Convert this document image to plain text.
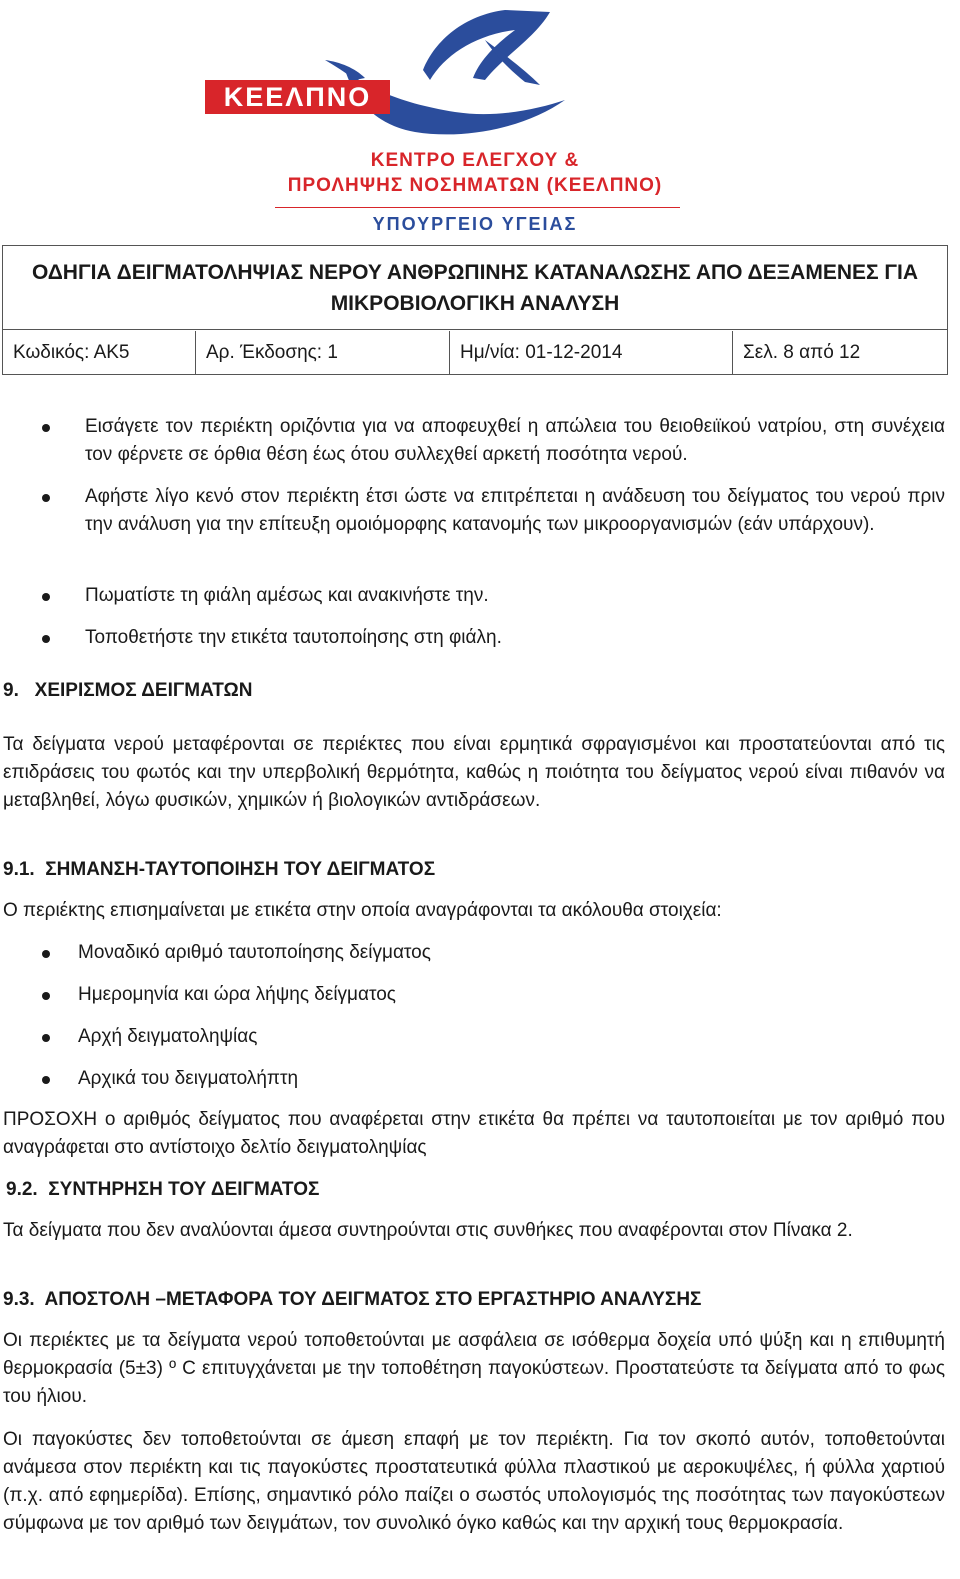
ΚΕΝΤΡΟ ΕΛΕΓΧΟΥ &
ΠΡΟΛΗΨΗΣ ΝΟΣΗΜΑΤΩΝ (ΚΕΕΛΠΝΟ)
ΥΠΟΥΡΓΕΙΟ ΥΓΕΙΑΣ
ΚΕΕΛΠΝΟ
ΟΔΗΓΙΑ ΔΕΙΓΜΑΤΟΛΗΨΙΑΣ ΝΕΡΟΥ ΑΝΘΡΩΠΙΝΗΣ ΚΑΤΑΝΑΛΩΣΗΣ ΑΠΟ ΔΕΞΑΜΕΝΕΣ ΓΙΑ
ΜΙΚΡΟΒΙΟΛΟΓΙΚΗ ΑΝΑΛΥΣΗ
Κωδικός: ΑΚ5	Αρ. Έκδοσης: 1	Ημ/νία: 01-12-2014	Σελ. 8 από 12
Εισάγετε τον περιέκτη οριζόντια για να αποφευχθεί η απώλεια του θειοθειϊκού νατρίου, στη συνέχεια τον φέρνετε σε όρθια θέση έως ότου συλλεχθεί αρκετή ποσότητα νερού.
Αφήστε λίγο κενό στον περιέκτη έτσι ώστε να επιτρέπεται η ανάδευση του δείγματος του νερού πριν την ανάλυση για την επίτευξη ομοιόμορφης κατανομής των μικροοργανισμών (εάν υπάρχουν).
Πωματίστε τη φιάλη αμέσως και ανακινήστε την.
Τοποθετήστε την ετικέτα ταυτοποίησης στη φιάλη.
9.   ΧΕΙΡΙΣΜΟΣ ΔΕΙΓΜΑΤΩΝ
Τα δείγματα νερού μεταφέρονται σε περιέκτες που είναι ερμητικά σφραγισμένοι και προστατεύονται από τις επιδράσεις του φωτός και την υπερβολική θερμότητα, καθώς η ποιότητα του δείγματος νερού είναι πιθανόν να μεταβληθεί, λόγω φυσικών, χημικών ή βιολογικών αντιδράσεων.
9.1.  ΣΗΜΑΝΣΗ-ΤΑΥΤΟΠΟΙΗΣΗ ΤΟΥ ΔΕΙΓΜΑΤΟΣ
Ο περιέκτης επισημαίνεται με ετικέτα στην οποία αναγράφονται τα ακόλουθα στοιχεία:
Μοναδικό αριθμό ταυτοποίησης δείγματος
Ημερομηνία και ώρα λήψης δείγματος
Αρχή δειγματοληψίας
Αρχικά του δειγματολήπτη
ΠΡΟΣΟΧΗ ο αριθμός δείγματος που αναφέρεται στην ετικέτα θα πρέπει να ταυτοποιείται με τον αριθμό που αναγράφεται στο αντίστοιχο δελτίο δειγματοληψίας
9.2.  ΣΥΝΤΗΡΗΣΗ ΤΟΥ ΔΕΙΓΜΑΤΟΣ
Τα δείγματα που δεν αναλύονται άμεσα συντηρούνται στις συνθήκες που αναφέρονται στον Πίνακα 2.
9.3.  ΑΠΟΣΤΟΛΗ –ΜΕΤΑΦΟΡΑ ΤΟΥ ΔΕΙΓΜΑΤΟΣ ΣΤΟ ΕΡΓΑΣΤΗΡΙΟ ΑΝΑΛΥΣΗΣ
Οι περιέκτες με τα δείγματα νερού τοποθετούνται με ασφάλεια σε ισόθερμα δοχεία υπό ψύξη και η επιθυμητή θερμοκρασία (5±3) º C επιτυγχάνεται με την τοποθέτηση παγοκύστεων. Προστατεύστε τα δείγματα από το φως του ήλιου.
Οι παγοκύστες δεν τοποθετούνται σε άμεση επαφή με τον περιέκτη. Για τον σκοπό αυτόν, τοποθετούνται ανάμεσα στον περιέκτη και τις παγοκύστες προστατευτικά φύλλα πλαστικού με αεροκυψέλες, ή φύλλα χαρτιού (π.χ. από εφημερίδα). Επίσης, σημαντικό ρόλο παίζει ο σωστός υπολογισμός της ποσότητας των παγοκύστεων σύμφωνα με τον αριθμό των δειγμάτων, τον συνολικό όγκο καθώς και την αρχική τους θερμοκρασία.
